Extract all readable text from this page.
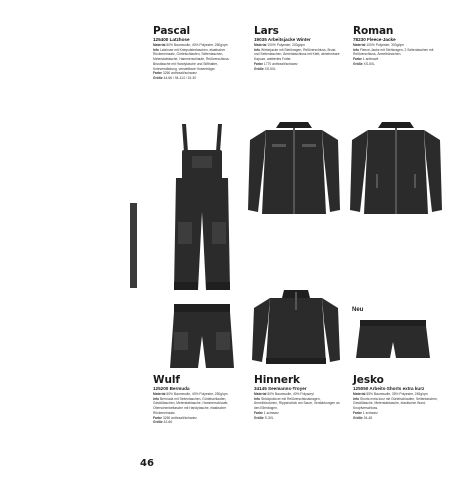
Pascal
125400 Latzhose
Material 60% Baumwolle, 40% Polyester, 250g/qm
Info Latzhose mit Kniepolstertaschen, elastischer Rückeneinsatz, Gürtelschlaufen, Seitentaschen, Meterstabtasche, Hammerschlaufe, Reißverschluss-Brusttasche mit Handytasche und Stifthalter, Knieverstärkung, verstellbare Hosenträger.
Farbe 3260 anthrazit/schwarz
Größe 44-66 / 94-114 / 24-30
Lars
19035 Arbeitsjacke Winter
Material 100% Polyester, 200g/qm
Info Winterjacke mit Stehkragen, Reißverschluss, Brust- und Seitentaschen, Ärmelabschluss mit Klett, abnehmbare Kapuze, wattiertes Futter.
Farbe 1770 anthrazit/schwarz
Größe XS-5XL
Roman
78230 Fleece-Jacke
Material 100% Polyester, 300g/qm
Info Fleece-Jacke mit Stehkragen, 2 Seitentaschen mit Reißverschluss, Ärmelbündchen.
Farbe 1 anthrazit
Größe XS-5XL
Neu
Wulf
125200 Bermuda
Material 60% Baumwolle, 40% Polyester, 250g/qm
Info Bermuda mit Seitentaschen, Gürtelschlaufen, Gesäßtaschen, Meterstabtasche, Hammerschlaufe, Oberschenkeltasche mit Handytasche, elastischer Rückeneinsatz.
Farbe 3260 anthrazit/schwarz
Größe 42-66
Hinnerk
34145 Seemanns-Troyer
Material 60% Baumwolle, 40% Polyacryl
Info Strickpullover mit Reißverschlusskragen, Ärmelbündchen, Rippenstrick am Saum, Verstärkungen an den Ellenbogen.
Farbe 1 schwarz
Größe S-3XL
Jesko
125050 Arbeits-Shorts extra kurz
Material 65% Baumwolle, 35% Polyester, 245g/qm
Info Shorts extra kurz mit Gürtelschlaufen, Seitentaschen, Gesäßtasche, Meterstabtasche, elastischer Bund, Knopfverschluss.
Farbe 1 schwarz
Größe 34-48
46
